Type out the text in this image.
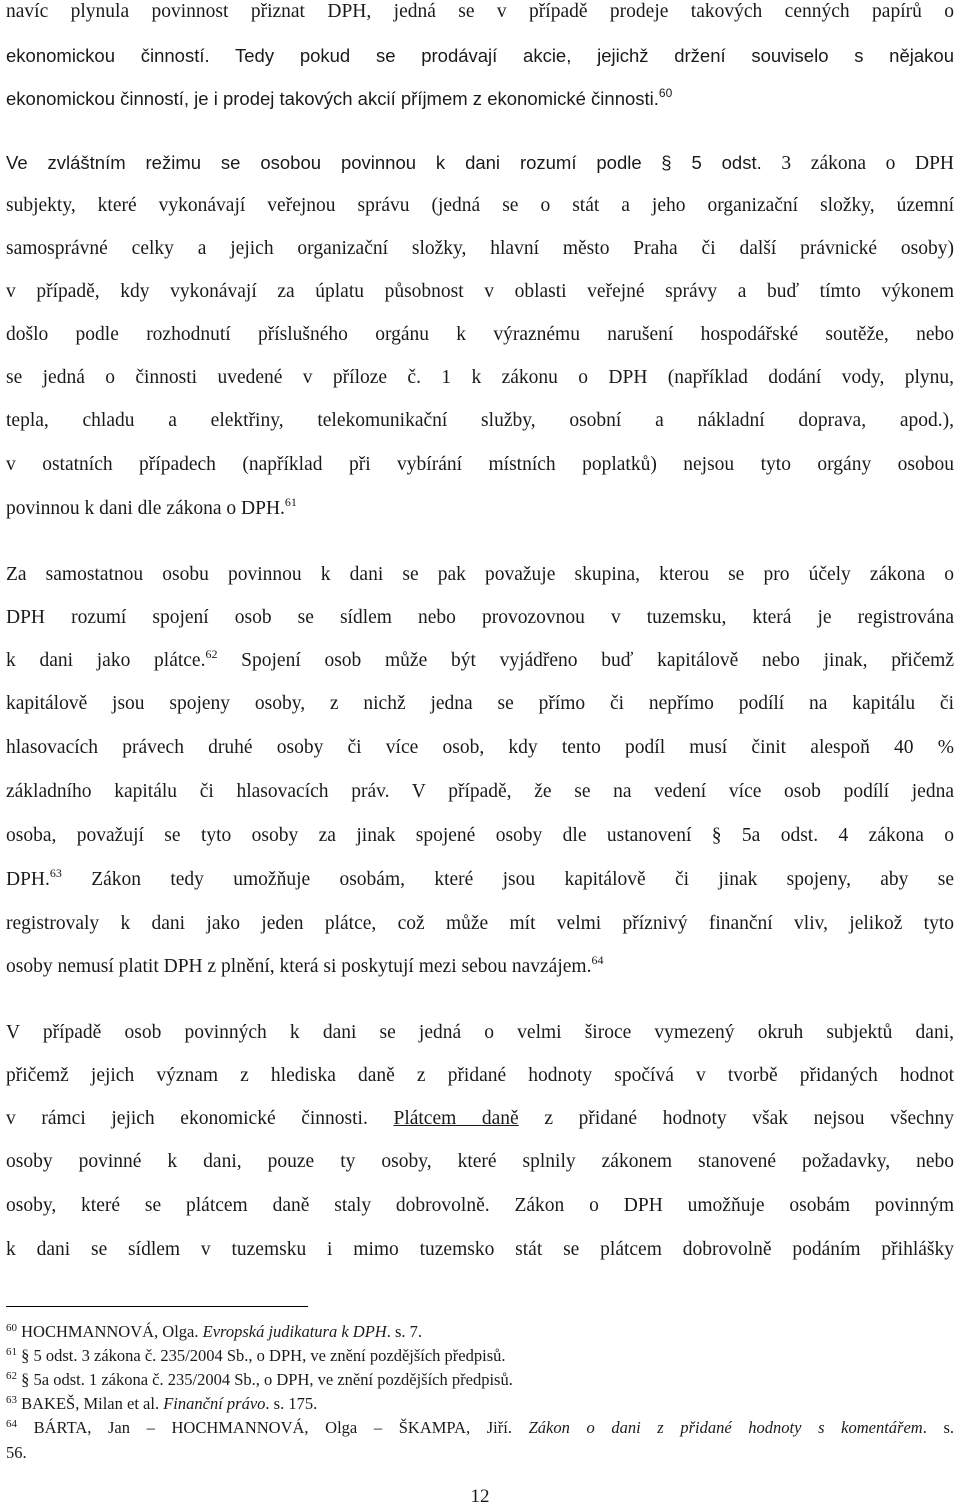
navíc plynula povinnost přiznat DPH, jedná se v případě prodeje takových cenných papírů o
ekonomickou činností. Tedy pokud se prodávají akcie, jejichž držení souviselo s nějakou
ekonomickou činností, je i prodej takových akcií příjmem z ekonomické činnosti.$^{60}$
Ve zvláštním režimu se osobou povinnou k dani rozumí podle § 5 odst. 3 zákona o DPH
subjekty, které vykonávají veřejnou správu (jedná se o stát a jeho organizační složky, územní
samosprávné celky a jejich organizační složky, hlavní město Praha či další právnické osoby)
v případě, kdy vykonávají za úplatu působnost v oblasti veřejné správy a buď tímto výkonem
došlo podle rozhodnutí příslušného orgánu k výraznému narušení hospodářské soutěže, nebo
se jedná o činnosti uvedené v příloze č. 1 k zákonu o DPH (například dodání vody, plynu,
tepla, chladu a elektřiny, telekomunikační služby, osobní a nákladní doprava, apod.),
v ostatních případech (například při vybírání místních poplatků) nejsou tyto orgány osobou
povinnou k dani dle zákona o DPH.$^{61}$
Za samostatnou osobu povinnou k dani se pak považuje skupina, kterou se pro účely zákona o
DPH rozumí spojení osob se sídlem nebo provozovnou v tuzemsku, která je registrována
k dani jako plátce.$^{62}$ Spojení osob může být vyjádřeno buď kapitálově nebo jinak, přičemž
kapitálově jsou spojeny osoby, z nichž jedna se přímo či nepřímo podílí na kapitálu či
hlasovacích právech druhé osoby či více osob, kdy tento podíl musí činit alespoň 40 %
základního kapitálu či hlasovacích práv. V případě, že se na vedení více osob podílí jedna
osoba, považují se tyto osoby za jinak spojené osoby dle ustanovení § 5a odst. 4 zákona o
DPH.$^{63}$ Zákon tedy umožňuje osobám, které jsou kapitálově či jinak spojeny, aby se
registrovaly k dani jako jeden plátce, což může mít velmi příznivý finanční vliv, jelikož tyto
osoby nemusí platit DPH z plnění, která si poskytují mezi sebou navzájem.$^{64}$
V případě osob povinných k dani se jedná o velmi široce vymezený okruh subjektů dani,
přičemž jejich význam z hlediska daně z přidané hodnoty spočívá v tvorbě přidaných hodnot
v rámci jejich ekonomické činnosti. Plátcem daně z přidané hodnoty však nejsou všechny
osoby povinné k dani, pouze ty osoby, které splnily zákonem stanovené požadavky, nebo
osoby, které se plátcem daně staly dobrovolně. Zákon o DPH umožňuje osobám povinným
k dani se sídlem v tuzemsku i mimo tuzemsko stát se plátcem dobrovolně podáním přihlášky
$^{60}$ HOCHMANNOVÁ, Olga. Evropská judikatura k DPH. s. 7.
$^{61}$ § 5 odst. 3 zákona č. 235/2004 Sb., o DPH, ve znění pozdějších předpisů.
$^{62}$ § 5a odst. 1 zákona č. 235/2004 Sb., o DPH, ve znění pozdějších předpisů.
$^{63}$ BAKEŠ, Milan et al. Finanční právo. s. 175.
$^{64}$ BÁRTA, Jan – HOCHMANNOVÁ, Olga – ŠKAMPA, Jiří. Zákon o dani z přidané hodnoty s komentářem. s.
56.
12
